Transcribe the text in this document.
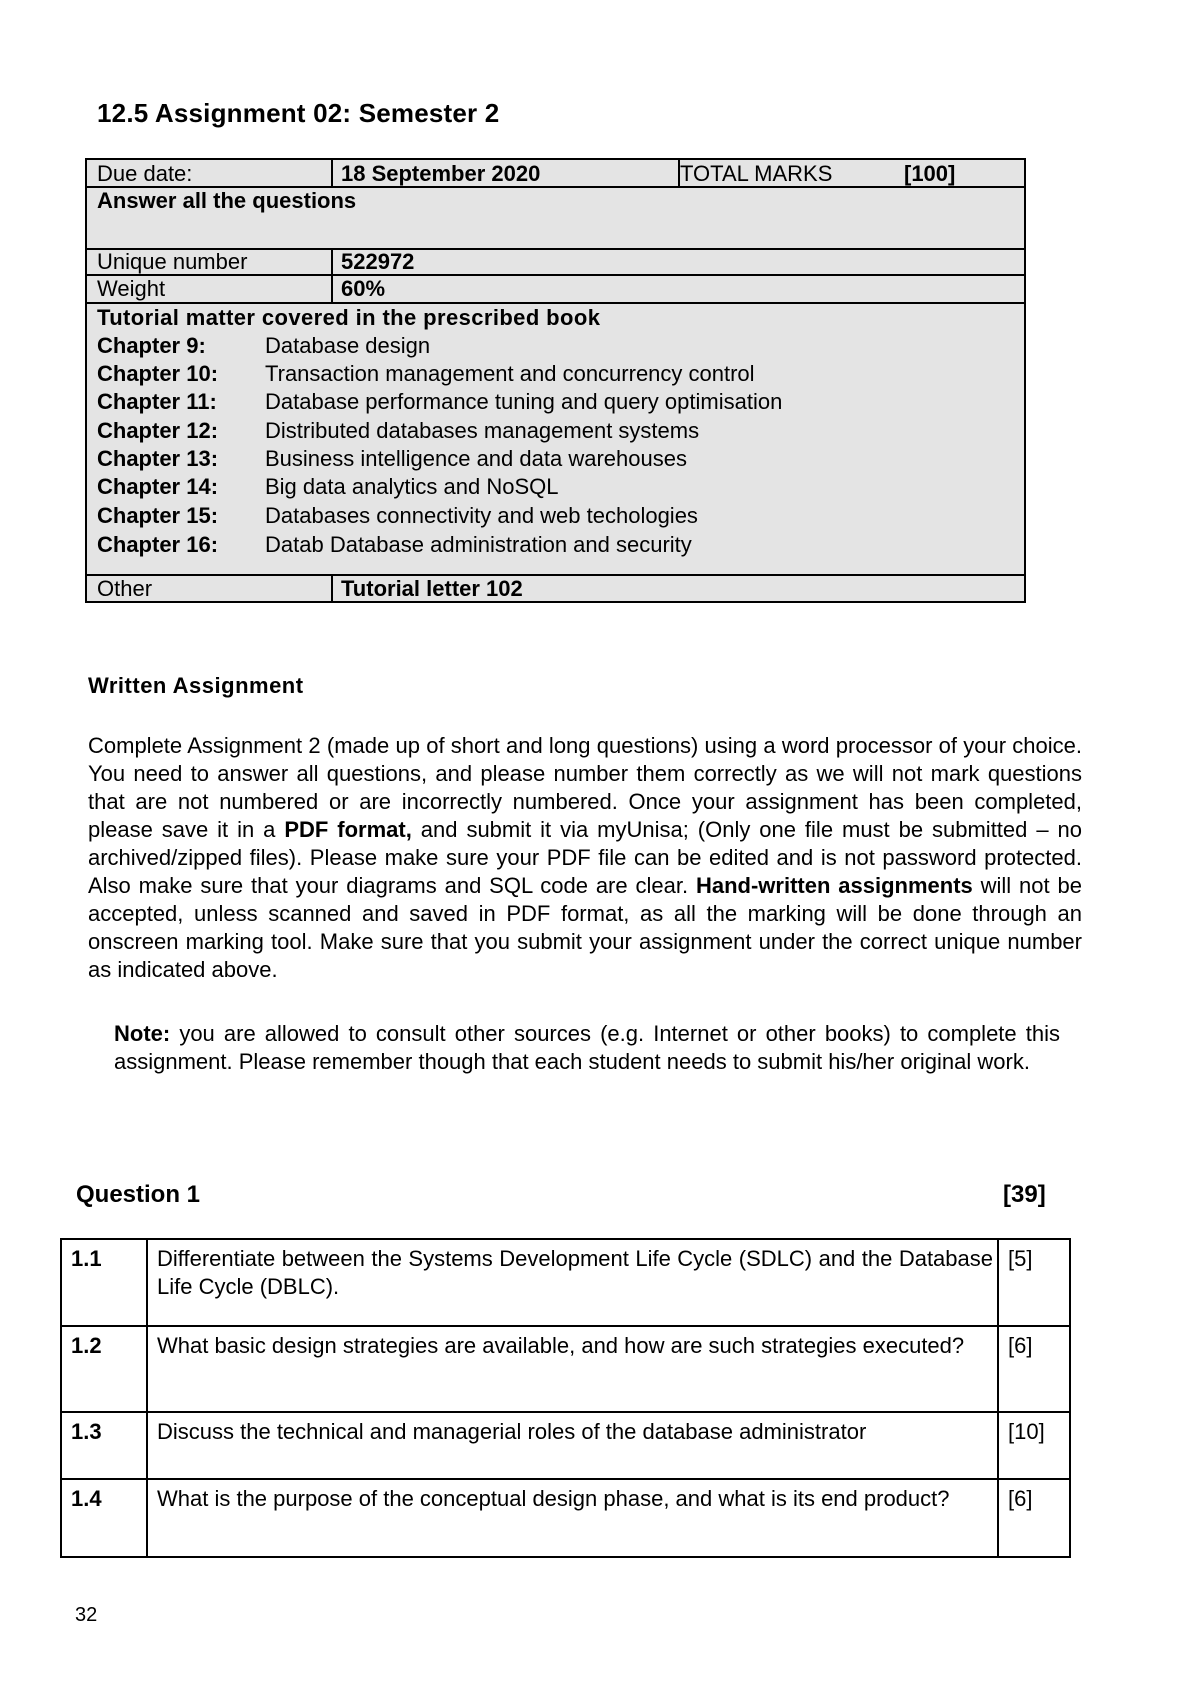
12.5 Assignment 02: Semester 2
Due date:	18 September 2020	TOTAL MARKS	[100]
Answer all the questions
Unique number	522972
Weight	60%
Tutorial matter covered in the prescribed book
Chapter 9:	Database design
Chapter 10: Transaction management and concurrency control
Chapter 11: Database performance tuning and query optimisation
Chapter 12: Distributed databases management systems
Chapter 13: Business intelligence and data warehouses
Chapter 14: Big data analytics and NoSQL
Chapter 15: Databases connectivity and web techologies
Chapter 16: Datab Database administration and security
Other	Tutorial letter 102
Written Assignment
Complete Assignment 2 (made up of short and long questions) using a word processor of your choice. You need to answer all questions, and please number them correctly as we will not mark questions that are not numbered or are incorrectly numbered. Once your assignment has been completed, please save it in a PDF format, and submit it via myUnisa; (Only one file must be submitted – no archived/zipped files). Please make sure your PDF file can be edited and is not password protected. Also make sure that your diagrams and SQL code are clear. Hand-written assignments will not be accepted, unless scanned and saved in PDF format, as all the marking will be done through an onscreen marking tool. Make sure that you submit your assignment under the correct unique number as indicated above.
Note: you are allowed to consult other sources (e.g. Internet or other books) to complete this assignment. Please remember though that each student needs to submit his/her original work.
Question 1	[39]
1.1	Differentiate between the Systems Development Life Cycle (SDLC) and the Database Life Cycle (DBLC).	[5]
1.2	What basic design strategies are available, and how are such strategies executed?	[6]
1.3	Discuss the technical and managerial roles of the database administrator	[10]
1.4	What is the purpose of the conceptual design phase, and what is its end product?	[6]
32
